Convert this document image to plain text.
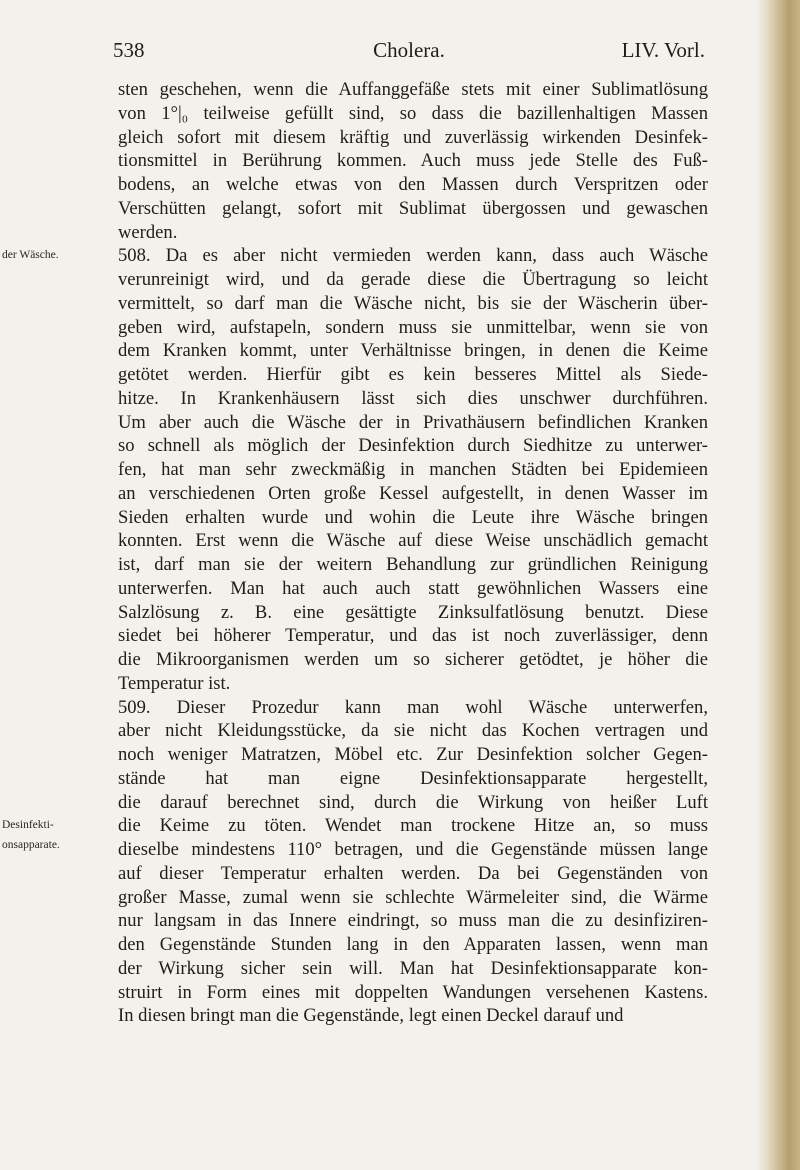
538	Cholera.	LIV. Vorl.
der Wäsche.
Desinfekti-
onsapparate.
sten geschehen, wenn die Auffanggefäße stets mit einer Sublimatlösung
von 1°|₀ teilweise gefüllt sind, so dass die bazillenhaltigen Massen
gleich sofort mit diesem kräftig und zuverlässig wirkenden Desinfek-
tionsmittel in Berührung kommen. Auch muss jede Stelle des Fuß-
bodens, an welche etwas von den Massen durch Verspritzen oder
Verschütten gelangt, sofort mit Sublimat übergossen und gewaschen
werden.
508. Da es aber nicht vermieden werden kann, dass auch Wäsche
verunreinigt wird, und da gerade diese die Übertragung so leicht
vermittelt, so darf man die Wäsche nicht, bis sie der Wäscherin über-
geben wird, aufstapeln, sondern muss sie unmittelbar, wenn sie von
dem Kranken kommt, unter Verhältnisse bringen, in denen die Keime
getötet werden. Hierfür gibt es kein besseres Mittel als Siede-
hitze. In Krankenhäusern lässt sich dies unschwer durchführen.
Um aber auch die Wäsche der in Privathäusern befindlichen Kranken
so schnell als möglich der Desinfektion durch Siedhitze zu unterwer-
fen, hat man sehr zweckmäßig in manchen Städten bei Epidemieen
an verschiedenen Orten große Kessel aufgestellt, in denen Wasser im
Sieden erhalten wurde und wohin die Leute ihre Wäsche bringen
konnten. Erst wenn die Wäsche auf diese Weise unschädlich gemacht
ist, darf man sie der weitern Behandlung zur gründlichen Reinigung
unterwerfen. Man hat auch auch statt gewöhnlichen Wassers eine
Salzlösung z. B. eine gesättigte Zinksulfatlösung benutzt. Diese
siedet bei höherer Temperatur, und das ist noch zuverlässiger, denn
die Mikroorganismen werden um so sicherer getödtet, je höher die
Temperatur ist.
509. Dieser Prozedur kann man wohl Wäsche unterwerfen,
aber nicht Kleidungsstücke, da sie nicht das Kochen vertragen und
noch weniger Matratzen, Möbel etc. Zur Desinfektion solcher Gegen-
stände hat man eigne Desinfektionsapparate hergestellt,
die darauf berechnet sind, durch die Wirkung von heißer Luft
die Keime zu töten. Wendet man trockene Hitze an, so muss
dieselbe mindestens 110° betragen, und die Gegenstände müssen lange
auf dieser Temperatur erhalten werden. Da bei Gegenständen von
großer Masse, zumal wenn sie schlechte Wärmeleiter sind, die Wärme
nur langsam in das Innere eindringt, so muss man die zu desinfiziren-
den Gegenstände Stunden lang in den Apparaten lassen, wenn man
der Wirkung sicher sein will. Man hat Desinfektionsapparate kon-
struirt in Form eines mit doppelten Wandungen versehenen Kastens.
In diesen bringt man die Gegenstände, legt einen Deckel darauf und
